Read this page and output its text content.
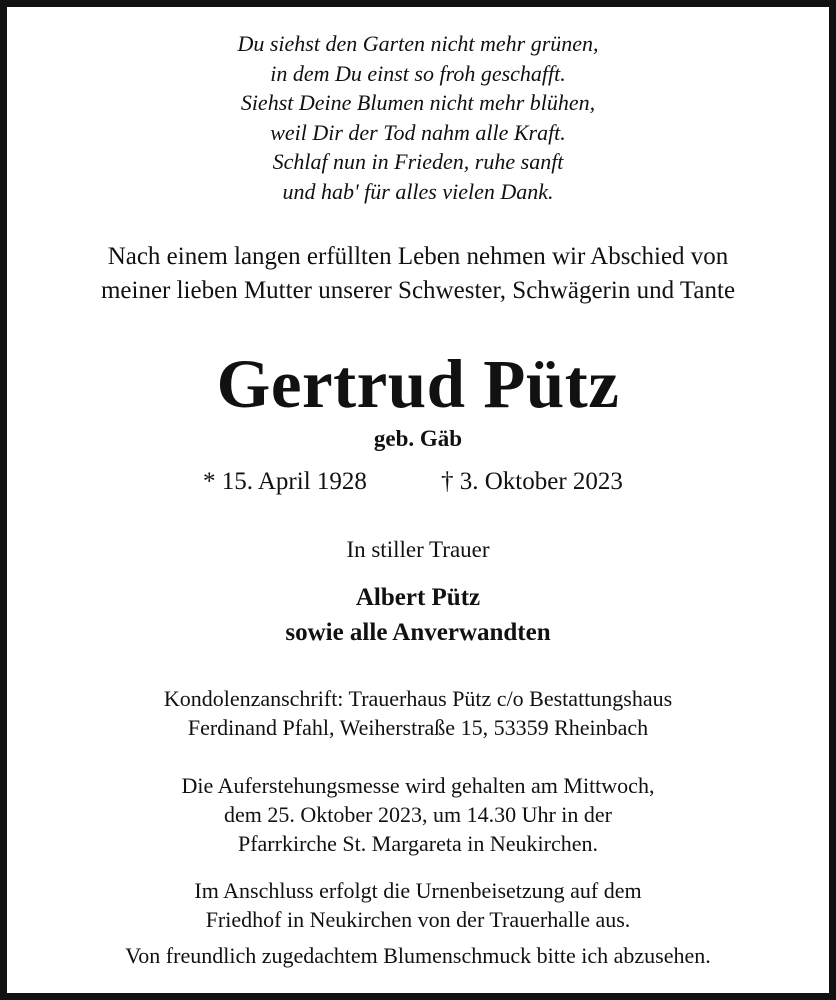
Du siehst den Garten nicht mehr grünen,
in dem Du einst so froh geschafft.
Siehst Deine Blumen nicht mehr blühen,
weil Dir der Tod nahm alle Kraft.
Schlaf nun in Frieden, ruhe sanft
und hab' für alles vielen Dank.
Nach einem langen erfüllten Leben nehmen wir Abschied von
meiner lieben Mutter unserer Schwester, Schwägerin und Tante
Gertrud Pütz
geb. Gäb
* 15. April 1928	† 3. Oktober 2023
In stiller Trauer
Albert Pütz
sowie alle Anverwandten
Kondolenzanschrift: Trauerhaus Pütz c/o Bestattungshaus
Ferdinand Pfahl, Weiherstraße 15, 53359 Rheinbach
Die Auferstehungsmesse wird gehalten am Mittwoch,
dem 25. Oktober 2023, um 14.30 Uhr in der
Pfarrkirche St. Margareta in Neukirchen.
Im Anschluss erfolgt die Urnenbeisetzung auf dem
Friedhof in Neukirchen von der Trauerhalle aus.
Von freundlich zugedachtem Blumenschmuck bitte ich abzusehen.
